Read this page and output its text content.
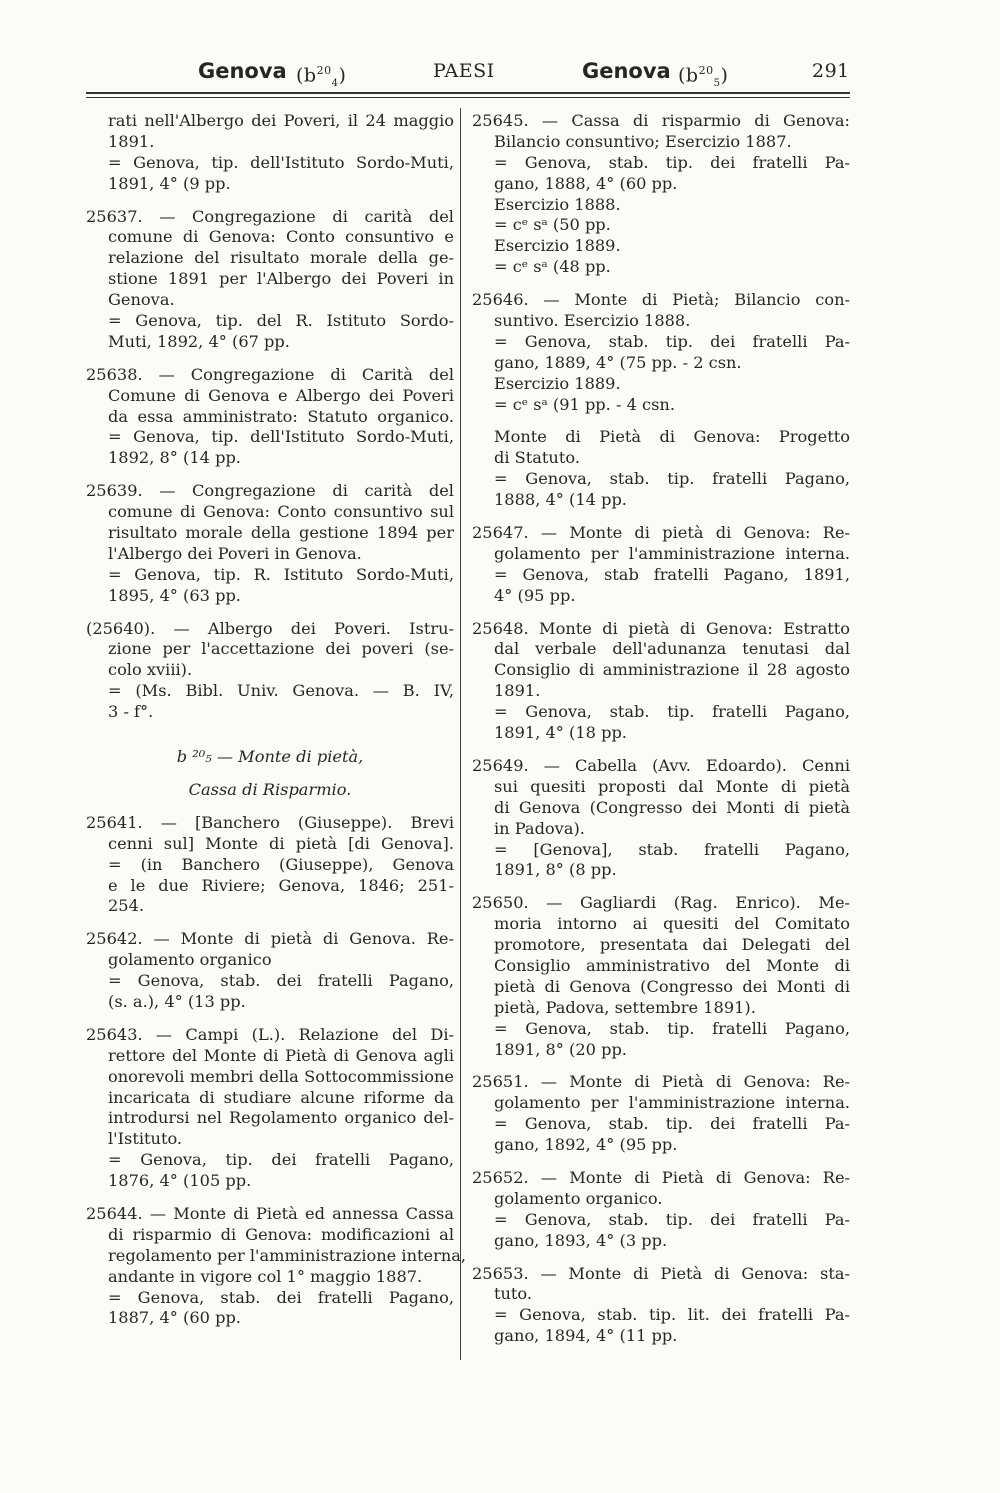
Genova $(b^{20}_4)$	PAESI	Genova $(b^{20}_5)$	291
rati nell'Albergo dei Poveri, il 24 maggio
1891.
= Genova, tip. dell'Istituto Sordo-Muti,
1891, 4° (9 pp.
25637. — Congregazione di carità del
comune di Genova: Conto consuntivo e
relazione del risultato morale della ge-
stione 1891 per l'Albergo dei Poveri in
Genova.
= Genova, tip. del R. Istituto Sordo-
Muti, 1892, 4° (67 pp.
25638. — Congregazione di Carità del
Comune di Genova e Albergo dei Poveri
da essa amministrato: Statuto organico.
= Genova, tip. dell'Istituto Sordo-Muti,
1892, 8° (14 pp.
25639. — Congregazione di carità del
comune di Genova: Conto consuntivo sul
risultato morale della gestione 1894 per
l'Albergo dei Poveri in Genova.
= Genova, tip. R. Istituto Sordo-Muti,
1895, 4° (63 pp.
(25640). — Albergo dei Poveri. Istru-
zione per l'accettazione dei poveri (se-
colo xviii).
= (Ms. Bibl. Univ. Genova. — B. IV,
3 - f°.
b ²⁰₅ — Monte di pietà,
Cassa di Risparmio.
25641. — [Banchero (Giuseppe). Brevi
cenni sul] Monte di pietà [di Genova].
= (in Banchero (Giuseppe), Genova
e le due Riviere; Genova, 1846; 251-
254.
25642. — Monte di pietà di Genova. Re-
golamento organico
= Genova, stab. dei fratelli Pagano,
(s. a.), 4° (13 pp.
25643. — Campi (L.). Relazione del Di-
rettore del Monte di Pietà di Genova agli
onorevoli membri della Sottocommissione
incaricata di studiare alcune riforme da
introdursi nel Regolamento organico del-
l'Istituto.
= Genova, tip. dei fratelli Pagano,
1876, 4° (105 pp.
25644. — Monte di Pietà ed annessa Cassa
di risparmio di Genova: modificazioni al
regolamento per l'amministrazione interna,
andante in vigore col 1° maggio 1887.
= Genova, stab. dei fratelli Pagano,
1887, 4° (60 pp.
25645. — Cassa di risparmio di Genova:
Bilancio consuntivo; Esercizio 1887.
= Genova, stab. tip. dei fratelli Pa-
gano, 1888, 4° (60 pp.
Esercizio 1888.
= cᵉ sᵃ (50 pp.
Esercizio 1889.
= cᵉ sᵃ (48 pp.
25646. — Monte di Pietà; Bilancio con-
suntivo. Esercizio 1888.
= Genova, stab. tip. dei fratelli Pa-
gano, 1889, 4° (75 pp. - 2 csn.
Esercizio 1889.
= cᵉ sᵃ (91 pp. - 4 csn.
Monte di Pietà di Genova: Progetto
di Statuto.
= Genova, stab. tip. fratelli Pagano,
1888, 4° (14 pp.
25647. — Monte di pietà di Genova: Re-
golamento per l'amministrazione interna.
= Genova, stab fratelli Pagano, 1891,
4° (95 pp.
25648. Monte di pietà di Genova: Estratto
dal verbale dell'adunanza tenutasi dal
Consiglio di amministrazione il 28 agosto
1891.
= Genova, stab. tip. fratelli Pagano,
1891, 4° (18 pp.
25649. — Cabella (Avv. Edoardo). Cenni
sui quesiti proposti dal Monte di pietà
di Genova (Congresso dei Monti di pietà
in Padova).
= [Genova], stab. fratelli Pagano,
1891, 8° (8 pp.
25650. — Gagliardi (Rag. Enrico). Me-
moria intorno ai quesiti del Comitato
promotore, presentata dai Delegati del
Consiglio amministrativo del Monte di
pietà di Genova (Congresso dei Monti di
pietà, Padova, settembre 1891).
= Genova, stab. tip. fratelli Pagano,
1891, 8° (20 pp.
25651. — Monte di Pietà di Genova: Re-
golamento per l'amministrazione interna.
= Genova, stab. tip. dei fratelli Pa-
gano, 1892, 4° (95 pp.
25652. — Monte di Pietà di Genova: Re-
golamento organico.
= Genova, stab. tip. dei fratelli Pa-
gano, 1893, 4° (3 pp.
25653. — Monte di Pietà di Genova: sta-
tuto.
= Genova, stab. tip. lit. dei fratelli Pa-
gano, 1894, 4° (11 pp.
